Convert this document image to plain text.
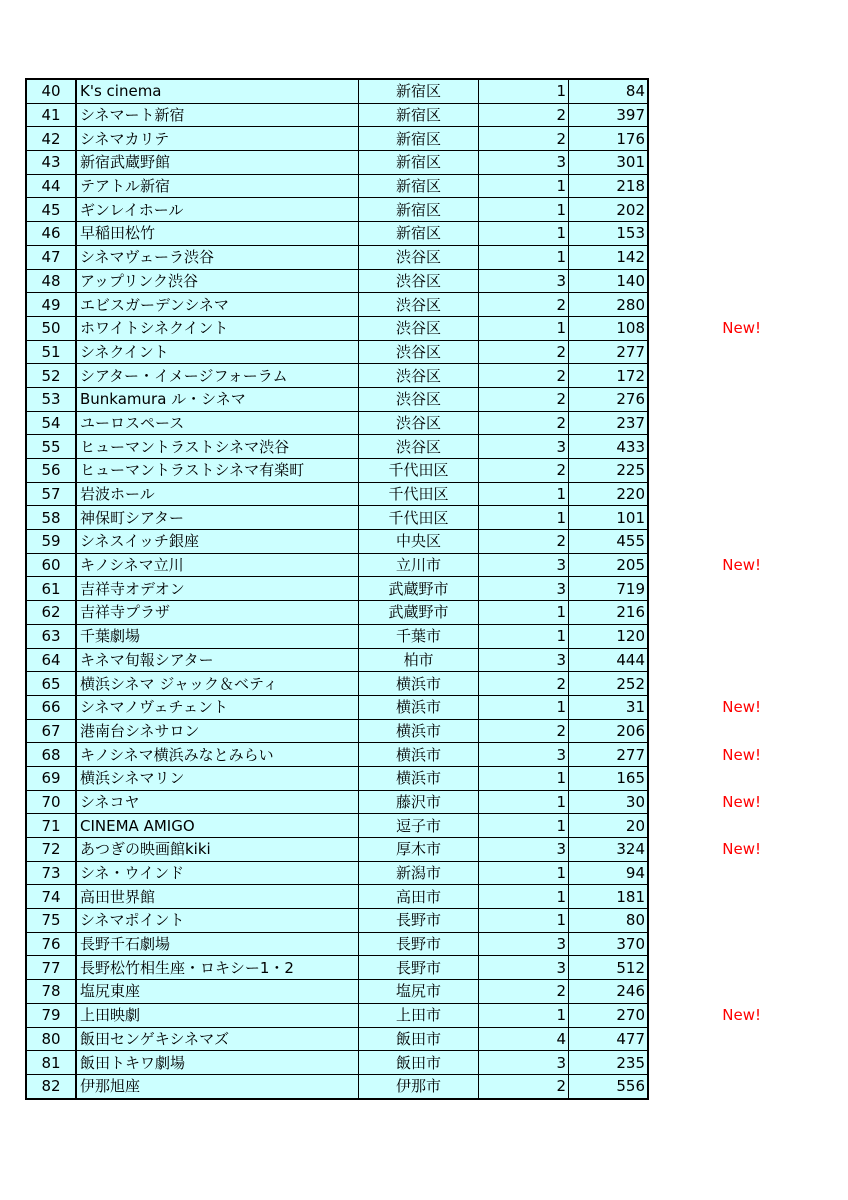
40	K's cinema	新宿区	1	84	
41	シネマート新宿	新宿区	2	397	
42	シネマカリテ	新宿区	2	176	
43	新宿武蔵野館	新宿区	3	301	
44	テアトル新宿	新宿区	1	218	
45	ギンレイホール	新宿区	1	202	
46	早稲田松竹	新宿区	1	153	
47	シネマヴェーラ渋谷	渋谷区	1	142	
48	アップリンク渋谷	渋谷区	3	140	
49	エビスガーデンシネマ	渋谷区	2	280	
50	ホワイトシネクイント	渋谷区	1	108	New!
51	シネクイント	渋谷区	2	277	
52	シアター・イメージフォーラム	渋谷区	2	172	
53	Bunkamura ル・シネマ	渋谷区	2	276	
54	ユーロスペース	渋谷区	2	237	
55	ヒューマントラストシネマ渋谷	渋谷区	3	433	
56	ヒューマントラストシネマ有楽町	千代田区	2	225	
57	岩波ホール	千代田区	1	220	
58	神保町シアター	千代田区	1	101	
59	シネスイッチ銀座	中央区	2	455	
60	キノシネマ立川	立川市	3	205	New!
61	吉祥寺オデオン	武蔵野市	3	719	
62	吉祥寺プラザ	武蔵野市	1	216	
63	千葉劇場	千葉市	1	120	
64	キネマ旬報シアター	柏市	3	444	
65	横浜シネマ ジャック＆ベティ	横浜市	2	252	
66	シネマノヴェチェント	横浜市	1	31	New!
67	港南台シネサロン	横浜市	2	206	
68	キノシネマ横浜みなとみらい	横浜市	3	277	New!
69	横浜シネマリン	横浜市	1	165	
70	シネコヤ	藤沢市	1	30	New!
71	CINEMA AMIGO	逗子市	1	20	
72	あつぎの映画館kiki	厚木市	3	324	New!
73	シネ・ウインド	新潟市	1	94	
74	高田世界館	高田市	1	181	
75	シネマポイント	長野市	1	80	
76	長野千石劇場	長野市	3	370	
77	長野松竹相生座・ロキシー1・2	長野市	3	512	
78	塩尻東座	塩尻市	2	246	
79	上田映劇	上田市	1	270	New!
80	飯田センゲキシネマズ	飯田市	4	477	
81	飯田トキワ劇場	飯田市	3	235	
82	伊那旭座	伊那市	2	556	
